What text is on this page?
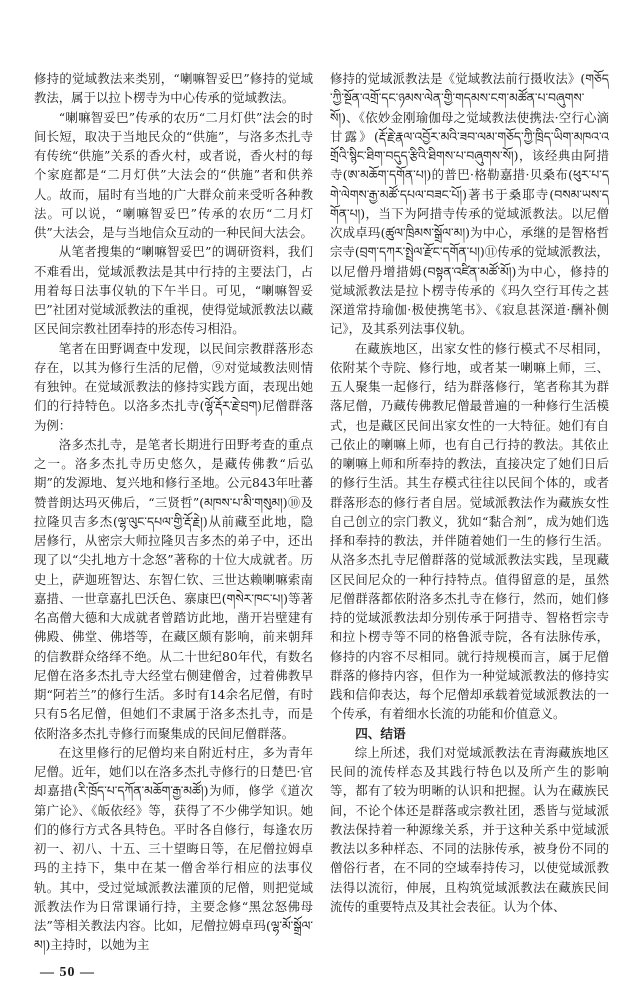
修持的觉域教法来类别，“喇嘛智妥巴”修持的觉域教法，属于以拉卜楞寺为中心传承的觉域教法。

“喇嘛智妥巴”传承的农历“二月灯供”法会的时间长短，取决于当地民众的“供施”，与洛多杰扎寺有传统“供施”关系的香火村，或者说，香火村的每个家庭都是“二月灯供”大法会的“供施”者和供养人。故而，届时有当地的广大群众前来受听各种教法。可以说，“喇嘛智妥巴”传承的农历“二月灯供”大法会，是与当地信众互动的一种民间大法会。

从笔者搜集的“喇嘛智妥巴”的调研资料，我们不难看出，觉域派教法是其中行持的主要法门，占用着每日法事仪轨的下午半日。可见，“喇嘛智妥巴”社团对觉域派教法的重视，使得觉域派教法以藏区民间宗教社团奉持的形态传习相沿。

笔者在田野调查中发现，以民间宗教群落形态存在，以其为修行生活的尼僧，⑨对觉域教法则情有独钟。在觉域派教法的修持实践方面，表现出她们的行持特色。以洛多杰扎寺(ལྷོ་རྡོར་རྗེ་བྲག)尼僧群落为例：

洛多杰扎寺，是笔者长期进行田野考查的重点之一。洛多杰扎寺历史悠久，是藏传佛教“后弘期”的发源地、复兴地和修行圣地。公元843年吐蕃赞普朗达玛灭佛后，“三贤哲”(མཁས་པ་མི་གསུམ།)⑩及拉隆贝吉多杰(ལྷ་ལུང་དཔལ་གྱི་རྡོ་རྗེ།)从前藏至此地，隐居修行，从密宗大师拉隆贝吉多杰的弟子中，还出现了以“尖扎地方十念怒”著称的十位大成就者。历史上，萨迦班智达、东智仁钦、三世达赖喇嘛索南嘉措、一世章嘉扎巴沃色、寨康巴(གསེར་ཁང་པ།)等著名高僧大德和大成就者曾踏访此地，凿开岩壁建有佛殿、佛堂、佛塔等，在藏区颇有影响，前来朝拜的信教群众络绎不绝。从二十世纪80年代，有数名尼僧在洛多杰扎寺大经堂右侧建僧舍，过着佛教早期“阿若兰”的修行生活。多时有14余名尼僧，有时只有5名尼僧，但她们不隶属于洛多杰扎寺，而是依附洛多杰扎寺修行而聚集成的民间尼僧群落。

在这里修行的尼僧均来自附近村庄，多为青年尼僧。近年，她们以在洛多杰扎寺修行的日楚巴·官却嘉措(རི་ཁྲོད་པ་དཀོན་མཆོག་རྒྱ་མཚོ།)为师，修学《道次第广论》、《皈依经》等，获得了不少佛学知识。她们的修行方式各具特色。平时各自修行，每逢农历初一、初八、十五、三十望晦日等，在尼僧拉姆卓玛的主持下，集中在某一僧舍举行相应的法事仪轨。其中，受过觉域派教法灌顶的尼僧，则把觉域派教法作为日常课诵行持，主要念修“黑忿怒佛母法”等相关教法内容。比如，尼僧拉姆卓玛(ལྷ་མོ་སྒྲོལ་མ།)主持时，以她为主

— 50 —

修持的觉域派教法是《觉域教法前行摄收法》(གཅོད་ཀྱི་སྔོན་འགྲོ་དང་ཉམས་ལེན་གྱི་གདམས་ངག་མཚོན་པ་བཞུགས་སོ།)、《依妙金刚瑜伽母之觉域教法使携法·空行心滴甘露》(རྡོ་རྗེ་རྣལ་འབྱོར་མའི་ཟབ་ལམ་གཅོད་ཀྱི་ཁྲིད་ཡིག་མཁའ་འགྲོའི་སྙིང་ཐིག་བདུད་རྩིའི་ཐིགས་པ་བཞུགས་སོ།)，该经典由阿措寺(ཨ་མཆོག་དགོན་པ།)的普巴·格勒嘉措·贝桑布(ཕུར་པ་དགེ་ལེགས་རྒྱ་མཚོ་དཔལ་བཟང་པོ།)著书于桑耶寺(བསམ་ཡས་དགོན་པ།)，当下为阿措寺传承的觉域派教法。以尼僧次成卓玛(ཚུལ་ཁྲིམས་སྒྲོལ་མ།)为中心，承继的是智格哲宗寺(བྲག་དཀར་སྤྲེལ་རྫོང་དགོན་པ།)⑪传承的觉域派教法，以尼僧丹增措姆(བསྟན་འཛིན་མཚོ་མོ།)为中心，修持的觉域派教法是拉卜楞寺传承的《玛久空行耳传之甚深道常持瑜伽·极使携笔书》、《寂息甚深道·酬补侧记》，及其系列法事仪轨。

在藏族地区，出家女性的修行模式不尽相同，依附某个寺院、修行地，或者某一喇嘛上师，三、五人聚集一起修行，结为群落修行，笔者称其为群落尼僧，乃藏传佛教尼僧最普遍的一种修行生活模式，也是藏区民间出家女性的一大特征。她们有自己依止的喇嘛上师，也有自己行持的教法。其依止的喇嘛上师和所奉持的教法，直接决定了她们日后的修行生活。其生存模式往往以民间个体的，或者群落形态的修行者自居。觉域派教法作为藏族女性自己创立的宗门教义，犹如“黏合剂”，成为她们选择和奉持的教法，并伴随着她们一生的修行生活。从洛多杰扎寺尼僧群落的觉域派教法实践，呈现藏区民间尼众的一种行持特点。值得留意的是，虽然尼僧群落都依附洛多杰扎寺在修行，然而，她们修持的觉域派教法却分别传承于阿措寺、智格哲宗寺和拉卜楞寺等不同的格鲁派寺院，各有法脉传承，修持的内容不尽相同。就行持规模而言，属于尼僧群落的修持内容，但作为一种觉域派教法的修持实践和信仰表达，每个尼僧却承载着觉域派教法的一个传承，有着细水长流的功能和价值意义。

四、结语

综上所述，我们对觉域派教法在青海藏族地区民间的流传样态及其践行特色以及所产生的影响等，都有了较为明晰的认识和把握。认为在藏族民间，不论个体还是群落或宗教社团，悉皆与觉域派教法保持着一种源缘关系，并于这种关系中觉域派教法以多种样态、不同的法脉传承，被身份不同的僧俗行者，在不同的空域奉持传习，以使觉域派教法得以流衍，伸展，且构筑觉域派教法在藏族民间流传的重要特点及其社会表征。认为个体、
